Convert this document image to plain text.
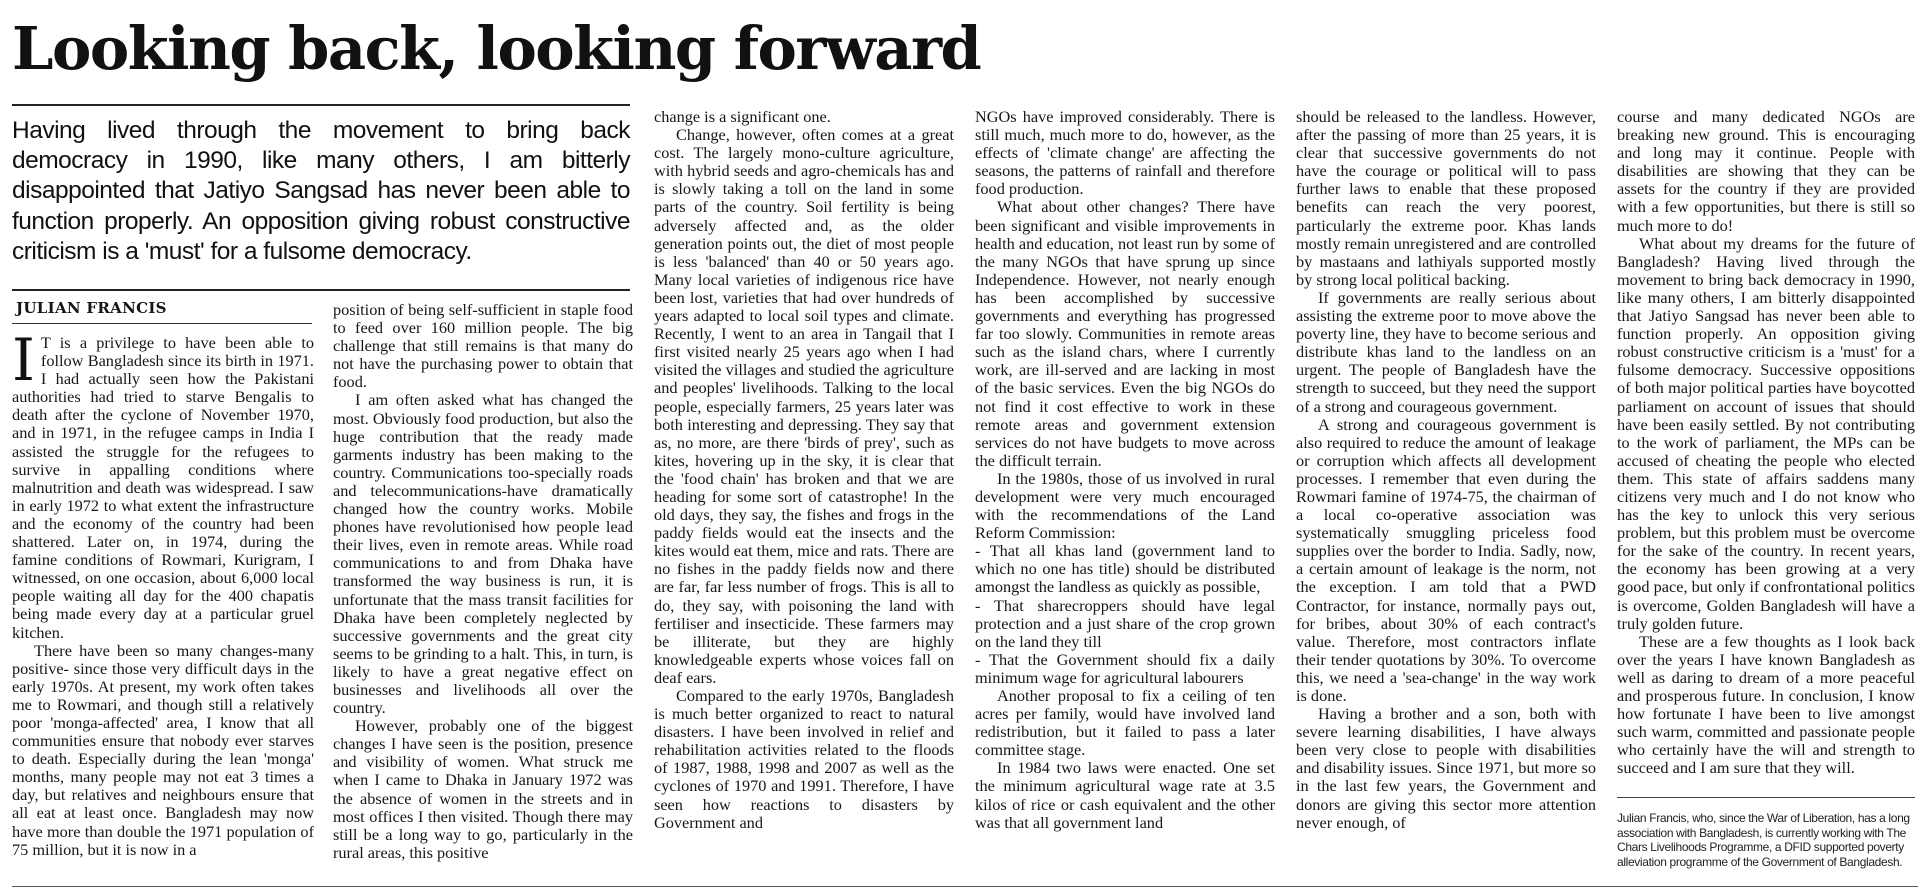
Looking back, looking forward

Having lived through the movement to bring back democracy in 1990, like many others, I am bitterly disappointed that Jatiyo Sangsad has never been able to function properly. An opposition giving robust constructive criticism is a 'must' for a fulsome democracy.

JULIAN FRANCIS

I T is a privilege to have been able to follow Bangladesh since its birth in 1971. I had actually seen how the Pakistani authorities had tried to starve Bengalis to death after the cyclone of November 1970, and in 1971, in the refugee camps in India I assisted the struggle for the refugees to survive in appalling conditions where malnutrition and death was widespread. I saw in early 1972 to what extent the infrastructure and the economy of the country had been shattered. Later on, in 1974, during the famine conditions of Rowmari, Kurigram, I witnessed, on one occasion, about 6,000 local people waiting all day for the 400 chapatis being made every day at a particular gruel kitchen.

There have been so many changes-many positive- since those very difficult days in the early 1970s. At present, my work often takes me to Rowmari, and though still a relatively poor 'monga-affected' area, I know that all communities ensure that nobody ever starves to death. Especially during the lean 'monga' months, many people may not eat 3 times a day, but relatives and neighbours ensure that all eat at least once. Bangladesh may now have more than double the 1971 population of 75 million, but it is now in a

position of being self-sufficient in staple food to feed over 160 million people. The big challenge that still remains is that many do not have the purchasing power to obtain that food.

I am often asked what has changed the most. Obviously food production, but also the huge contribution that the ready made garments industry has been making to the country. Communications too-specially roads and telecommunications-have dramatically changed how the country works. Mobile phones have revolutionised how people lead their lives, even in remote areas. While road communications to and from Dhaka have transformed the way business is run, it is unfortunate that the mass transit facilities for Dhaka have been completely neglected by successive governments and the great city seems to be grinding to a halt. This, in turn, is likely to have a great negative effect on businesses and livelihoods all over the country.

However, probably one of the biggest changes I have seen is the position, presence and visibility of women. What struck me when I came to Dhaka in January 1972 was the absence of women in the streets and in most offices I then visited. Though there may still be a long way to go, particularly in the rural areas, this positive

change is a significant one.

Change, however, often comes at a great cost. The largely mono-culture agriculture, with hybrid seeds and agro-chemicals has and is slowly taking a toll on the land in some parts of the country. Soil fertility is being adversely affected and, as the older generation points out, the diet of most people is less 'balanced' than 40 or 50 years ago. Many local varieties of indigenous rice have been lost, varieties that had over hundreds of years adapted to local soil types and climate. Recently, I went to an area in Tangail that I first visited nearly 25 years ago when I had visited the villages and studied the agriculture and peoples' livelihoods. Talking to the local people, especially farmers, 25 years later was both interesting and depressing. They say that as, no more, are there 'birds of prey', such as kites, hovering up in the sky, it is clear that the 'food chain' has broken and that we are heading for some sort of catastrophe! In the old days, they say, the fishes and frogs in the paddy fields would eat the insects and the kites would eat them, mice and rats. There are no fishes in the paddy fields now and there are far, far less number of frogs. This is all to do, they say, with poisoning the land with fertiliser and insecticide. These farmers may be illiterate, but they are highly knowledgeable experts whose voices fall on deaf ears.

Compared to the early 1970s, Bangladesh is much better organized to react to natural disasters. I have been involved in relief and rehabilitation activities related to the floods of 1987, 1988, 1998 and 2007 as well as the cyclones of 1970 and 1991. Therefore, I have seen how reactions to disasters by Government and

NGOs have improved considerably. There is still much, much more to do, however, as the effects of 'climate change' are affecting the seasons, the patterns of rainfall and therefore food production.

What about other changes? There have been significant and visible improvements in health and education, not least run by some of the many NGOs that have sprung up since Independence. However, not nearly enough has been accomplished by successive governments and everything has progressed far too slowly. Communities in remote areas such as the island chars, where I currently work, are ill-served and are lacking in most of the basic services. Even the big NGOs do not find it cost effective to work in these remote areas and government extension services do not have budgets to move across the difficult terrain.

In the 1980s, those of us involved in rural development were very much encouraged with the recommendations of the Land Reform Commission:

- That all khas land (government land to which no one has title) should be distributed amongst the landless as quickly as possible,

- That sharecroppers should have legal protection and a just share of the crop grown on the land they till

- That the Government should fix a daily minimum wage for agricultural labourers

Another proposal to fix a ceiling of ten acres per family, would have involved land redistribution, but it failed to pass a later committee stage.

In 1984 two laws were enacted. One set the minimum agricultural wage rate at 3.5 kilos of rice or cash equivalent and the other was that all government land

should be released to the landless. However, after the passing of more than 25 years, it is clear that successive governments do not have the courage or political will to pass further laws to enable that these proposed benefits can reach the very poorest, particularly the extreme poor. Khas lands mostly remain unregistered and are controlled by mastaans and lathiyals supported mostly by strong local political backing.

If governments are really serious about assisting the extreme poor to move above the poverty line, they have to become serious and distribute khas land to the landless on an urgent. The people of Bangladesh have the strength to succeed, but they need the support of a strong and courageous government.

A strong and courageous government is also required to reduce the amount of leakage or corruption which affects all development processes. I remember that even during the Rowmari famine of 1974-75, the chairman of a local co-operative association was systematically smuggling priceless food supplies over the border to India. Sadly, now, a certain amount of leakage is the norm, not the exception. I am told that a PWD Contractor, for instance, normally pays out, for bribes, about 30% of each contract's value. Therefore, most contractors inflate their tender quotations by 30%. To overcome this, we need a 'sea-change' in the way work is done.

Having a brother and a son, both with severe learning disabilities, I have always been very close to people with disabilities and disability issues. Since 1971, but more so in the last few years, the Government and donors are giving this sector more attention never enough, of

course and many dedicated NGOs are breaking new ground. This is encouraging and long may it continue. People with disabilities are showing that they can be assets for the country if they are provided with a few opportunities, but there is still so much more to do!

What about my dreams for the future of Bangladesh? Having lived through the movement to bring back democracy in 1990, like many others, I am bitterly disappointed that Jatiyo Sangsad has never been able to function properly. An opposition giving robust constructive criticism is a 'must' for a fulsome democracy. Successive oppositions of both major political parties have boycotted parliament on account of issues that should have been easily settled. By not contributing to the work of parliament, the MPs can be accused of cheating the people who elected them. This state of affairs saddens many citizens very much and I do not know who has the key to unlock this very serious problem, but this problem must be overcome for the sake of the country. In recent years, the economy has been growing at a very good pace, but only if confrontational politics is overcome, Golden Bangladesh will have a truly golden future.

These are a few thoughts as I look back over the years I have known Bangladesh as well as daring to dream of a more peaceful and prosperous future. In conclusion, I know how fortunate I have been to live amongst such warm, committed and passionate people who certainly have the will and strength to succeed and I am sure that they will.

Julian Francis, who, since the War of Liberation, has a long association with Bangladesh, is currently working with The Chars Livelihoods Programme, a DFID supported poverty alleviation programme of the Government of Bangladesh.
